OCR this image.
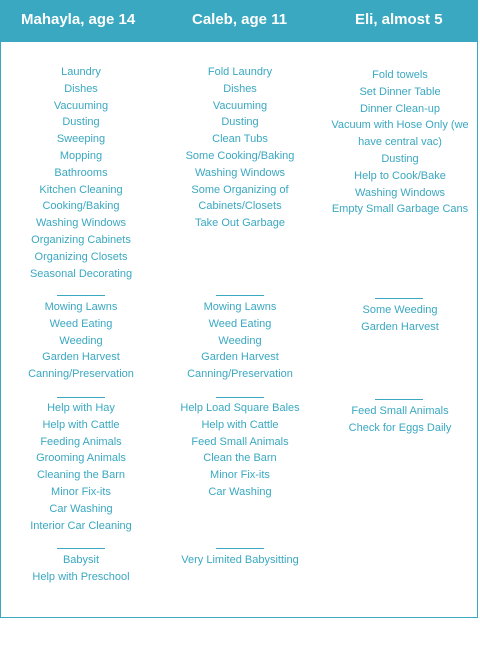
Mahayla, age 14	Caleb, age 11	Eli, almost 5
Laundry
Dishes
Vacuuming
Dusting
Sweeping
Mopping
Bathrooms
Kitchen Cleaning
Cooking/Baking
Washing Windows
Organizing Cabinets
Organizing Closets
Seasonal Decorating
Mowing Lawns
Weed Eating
Weeding
Garden Harvest
Canning/Preservation
Help with Hay
Help with Cattle
Feeding Animals
Grooming Animals
Cleaning the Barn
Minor Fix-its
Car Washing
Interior Car Cleaning
Babysit
Help with Preschool
Fold Laundry
Dishes
Vacuuming
Dusting
Clean Tubs
Some Cooking/Baking
Washing Windows
Some Organizing of
Cabinets/Closets
Take Out Garbage
Mowing Lawns
Weed Eating
Weeding
Garden Harvest
Canning/Preservation
Help Load Square Bales
Help with Cattle
Feed Small Animals
Clean the Barn
Minor Fix-its
Car Washing
Very Limited Babysitting
Fold towels
Set Dinner Table
Dinner Clean-up
Vacuum with Hose Only (we
have central vac)
Dusting
Help to Cook/Bake
Washing Windows
Empty Small Garbage Cans
Some Weeding
Garden Harvest
Feed Small Animals
Check for Eggs Daily
